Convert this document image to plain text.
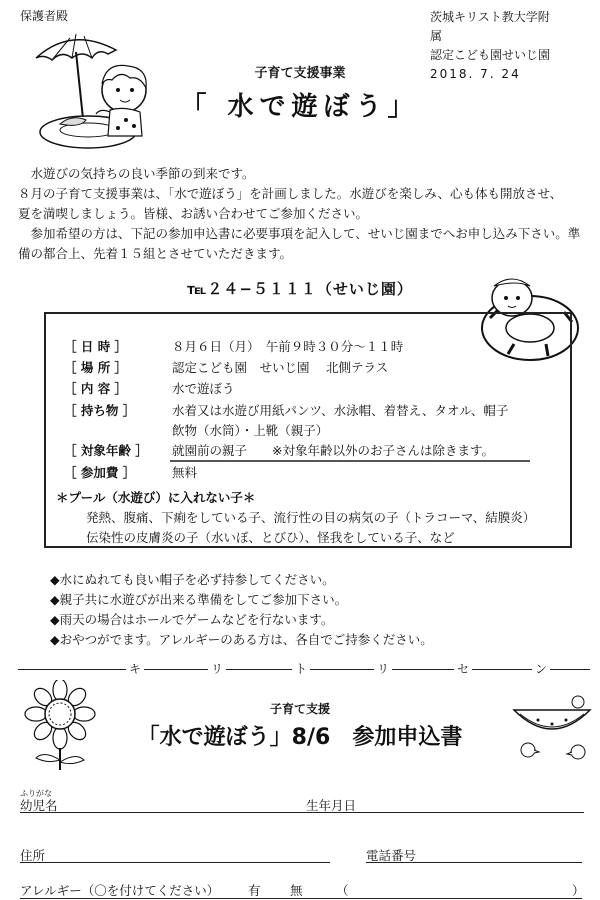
保護者殿	茨城キリスト教大学附属
認定こども園せいじ園
2018. 7. 24
子育て支援事業
「 水で遊ぼう」

水遊びの気持ちの良い季節の到来です。

８月の子育て支援事業は、「水で遊ぼう」を計画しました。水遊びを楽しみ、心も体も開放させ、

夏を満喫しましょう。皆様、お誘い合わせてご参加ください。

参加希望の方は、下記の参加申込書に必要事項を記入して、せいじ園までへお申し込み下さい。準備の都合上、先着１５組とさせていただきます。

℡２４−５１１１（せいじ園）
［ 日 時 ］	８月６日（月）　午前９時３０分〜１１時
［ 場 所 ］	認定こども園　せいじ園　 北側テラス
［ 内 容 ］	水で遊ぼう
［ 持ち物 ］	水着又は水遊び用紙パンツ、水泳帽、着替え、タオル、帽子
飲物（水筒）・上靴（親子）
［ 対象年齢 ］	就園前の親子　　※対象年齢以外のお子さんは除きます。
［ 参加費 ］	無料
＊プール（水遊び）に入れない子＊
発熱、腹痛、下痢をしている子、流行性の目の病気の子（トラコーマ、結膜炎）
伝染性の皮膚炎の子（水いぼ、とびひ）、怪我をしている子、など
◆水にぬれても良い帽子を必ず持参してください。
◆親子共に水遊びが出来る準備をしてご参加下さい。
◆雨天の場合はホールでゲームなどを行ないます。
◆おやつがでます。アレルギーのある方は、各自でご持参ください。
キ	リ	ト	リ	セ	ン
子育て支援
「水で遊ぼう」8/6　参加申込書
ふりがな
幼児名	生年月日
住所	電話番号
アレルギー（〇を付けてください） 有 無	（	）
